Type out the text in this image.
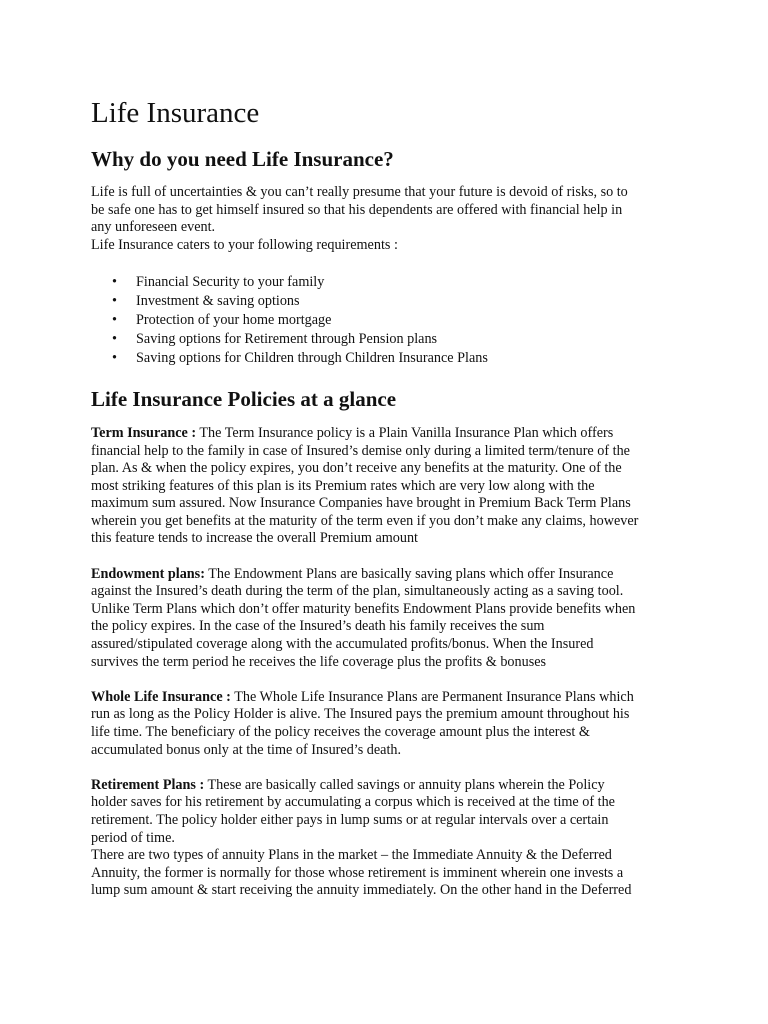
Life Insurance
Why do you need Life Insurance?

Life is full of uncertainties & you can’t really presume that your future is devoid of risks, so to
be safe one has to get himself insured so that his dependents are offered with financial help in
any unforeseen event.
Life Insurance caters to your following requirements :

• Financial Security to your family
• Investment & saving options
• Protection of your home mortgage
• Saving options for Retirement through Pension plans
• Saving options for Children through Children Insurance Plans
Life Insurance Policies at a glance

Term Insurance : The Term Insurance policy is a Plain Vanilla Insurance Plan which offers
financial help to the family in case of Insured’s demise only during a limited term/tenure of the
plan. As & when the policy expires, you don’t receive any benefits at the maturity. One of the
most striking features of this plan is its Premium rates which are very low along with the
maximum sum assured. Now Insurance Companies have brought in Premium Back Term Plans
wherein you get benefits at the maturity of the term even if you don’t make any claims, however
this feature tends to increase the overall Premium amount

Endowment plans: The Endowment Plans are basically saving plans which offer Insurance
against the Insured’s death during the term of the plan, simultaneously acting as a saving tool.
Unlike Term Plans which don’t offer maturity benefits Endowment Plans provide benefits when
the policy expires. In the case of the Insured’s death his family receives the sum
assured/stipulated coverage along with the accumulated profits/bonus. When the Insured
survives the term period he receives the life coverage plus the profits & bonuses

Whole Life Insurance : The Whole Life Insurance Plans are Permanent Insurance Plans which
run as long as the Policy Holder is alive. The Insured pays the premium amount throughout his
life time. The beneficiary of the policy receives the coverage amount plus the interest &
accumulated bonus only at the time of Insured’s death.

Retirement Plans : These are basically called savings or annuity plans wherein the Policy
holder saves for his retirement by accumulating a corpus which is received at the time of the
retirement. The policy holder either pays in lump sums or at regular intervals over a certain
period of time.
There are two types of annuity Plans in the market – the Immediate Annuity & the Deferred
Annuity, the former is normally for those whose retirement is imminent wherein one invests a
lump sum amount & start receiving the annuity immediately. On the other hand in the Deferred
